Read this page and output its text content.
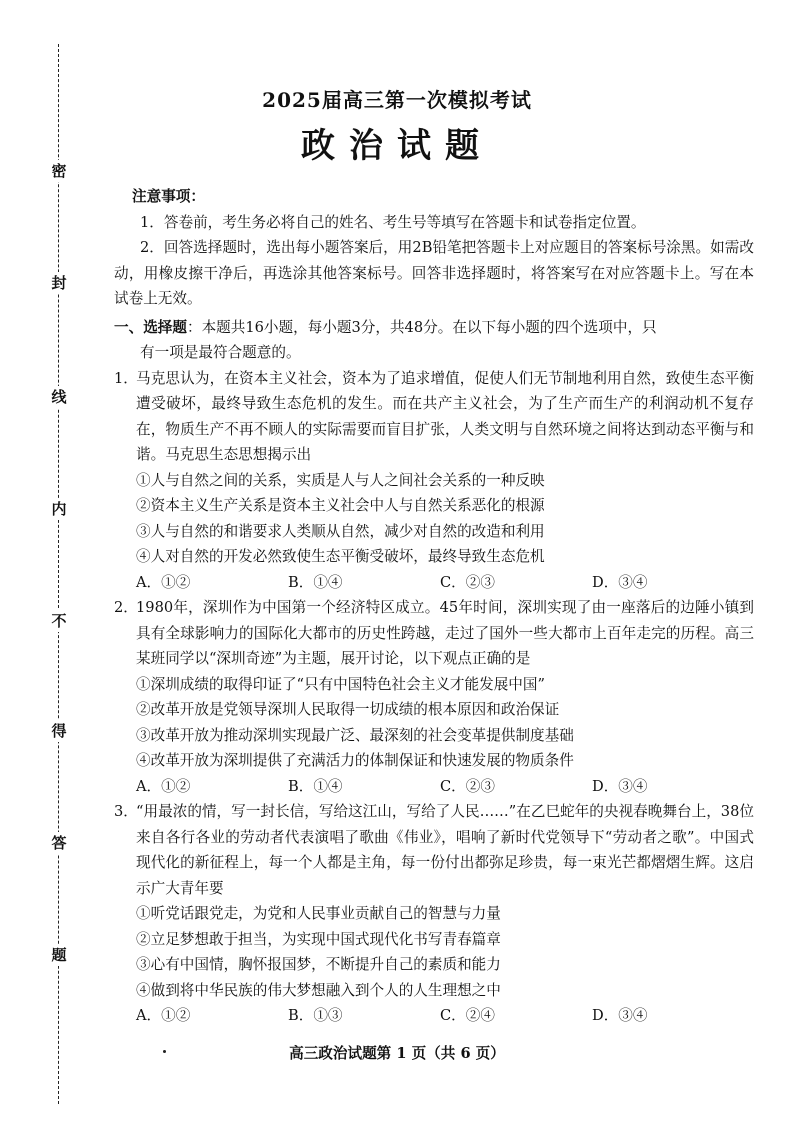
密
封
线
内
不
得
答
题
2025届高三第一次模拟考试
政治试题
注意事项：
1．答卷前，考生务必将自己的姓名、考生号等填写在答题卡和试卷指定位置。
2．回答选择题时，选出每小题答案后，用2B铅笔把答题卡上对应题目的答案标号涂黑。如需改动，用橡皮擦干净后，再选涂其他答案标号。回答非选择题时，将答案写在对应答题卡上。写在本试卷上无效。
一、选择题：本题共16小题，每小题3分，共48分。在以下每小题的四个选项中，只
有一项是最符合题意的。
1．
马克思认为，在资本主义社会，资本为了追求增值，促使人们无节制地利用自然，致使生态平衡遭受破坏，最终导致生态危机的发生。而在共产主义社会，为了生产而生产的利润动机不复存在，物质生产不再不顾人的实际需要而盲目扩张，人类文明与自然环境之间将达到动态平衡与和谐。马克思生态思想揭示出
①人与自然之间的关系，实质是人与人之间社会关系的一种反映
②资本主义生产关系是资本主义社会中人与自然关系恶化的根源
③人与自然的和谐要求人类顺从自然，减少对自然的改造和利用
④人对自然的开发必然致使生态平衡受破坏，最终导致生态危机
A．①②	B．①④	C．②③	D．③④
2．
1980年，深圳作为中国第一个经济特区成立。45年时间，深圳实现了由一座落后的边陲小镇到具有全球影响力的国际化大都市的历史性跨越，走过了国外一些大都市上百年走完的历程。高三某班同学以“深圳奇迹”为主题，展开讨论，以下观点正确的是
①深圳成绩的取得印证了“只有中国特色社会主义才能发展中国”
②改革开放是党领导深圳人民取得一切成绩的根本原因和政治保证
③改革开放为推动深圳实现最广泛、最深刻的社会变革提供制度基础
④改革开放为深圳提供了充满活力的体制保证和快速发展的物质条件
A．①②	B．①④	C．②③	D．③④
3．
“用最浓的情，写一封长信，写给这江山，写给了人民……”在乙巳蛇年的央视春晚舞台上，38位来自各行各业的劳动者代表演唱了歌曲《伟业》，唱响了新时代党领导下“劳动者之歌”。中国式现代化的新征程上，每一个人都是主角，每一份付出都弥足珍贵，每一束光芒都熠熠生辉。这启示广大青年要
①听党话跟党走，为党和人民事业贡献自己的智慧与力量
②立足梦想敢于担当，为实现中国式现代化书写青春篇章
③心有中国情，胸怀报国梦，不断提升自己的素质和能力
④做到将中华民族的伟大梦想融入到个人的人生理想之中
A．①②	B．①③	C．②④	D．③④
高三政治试题第 1 页（共 6 页）
